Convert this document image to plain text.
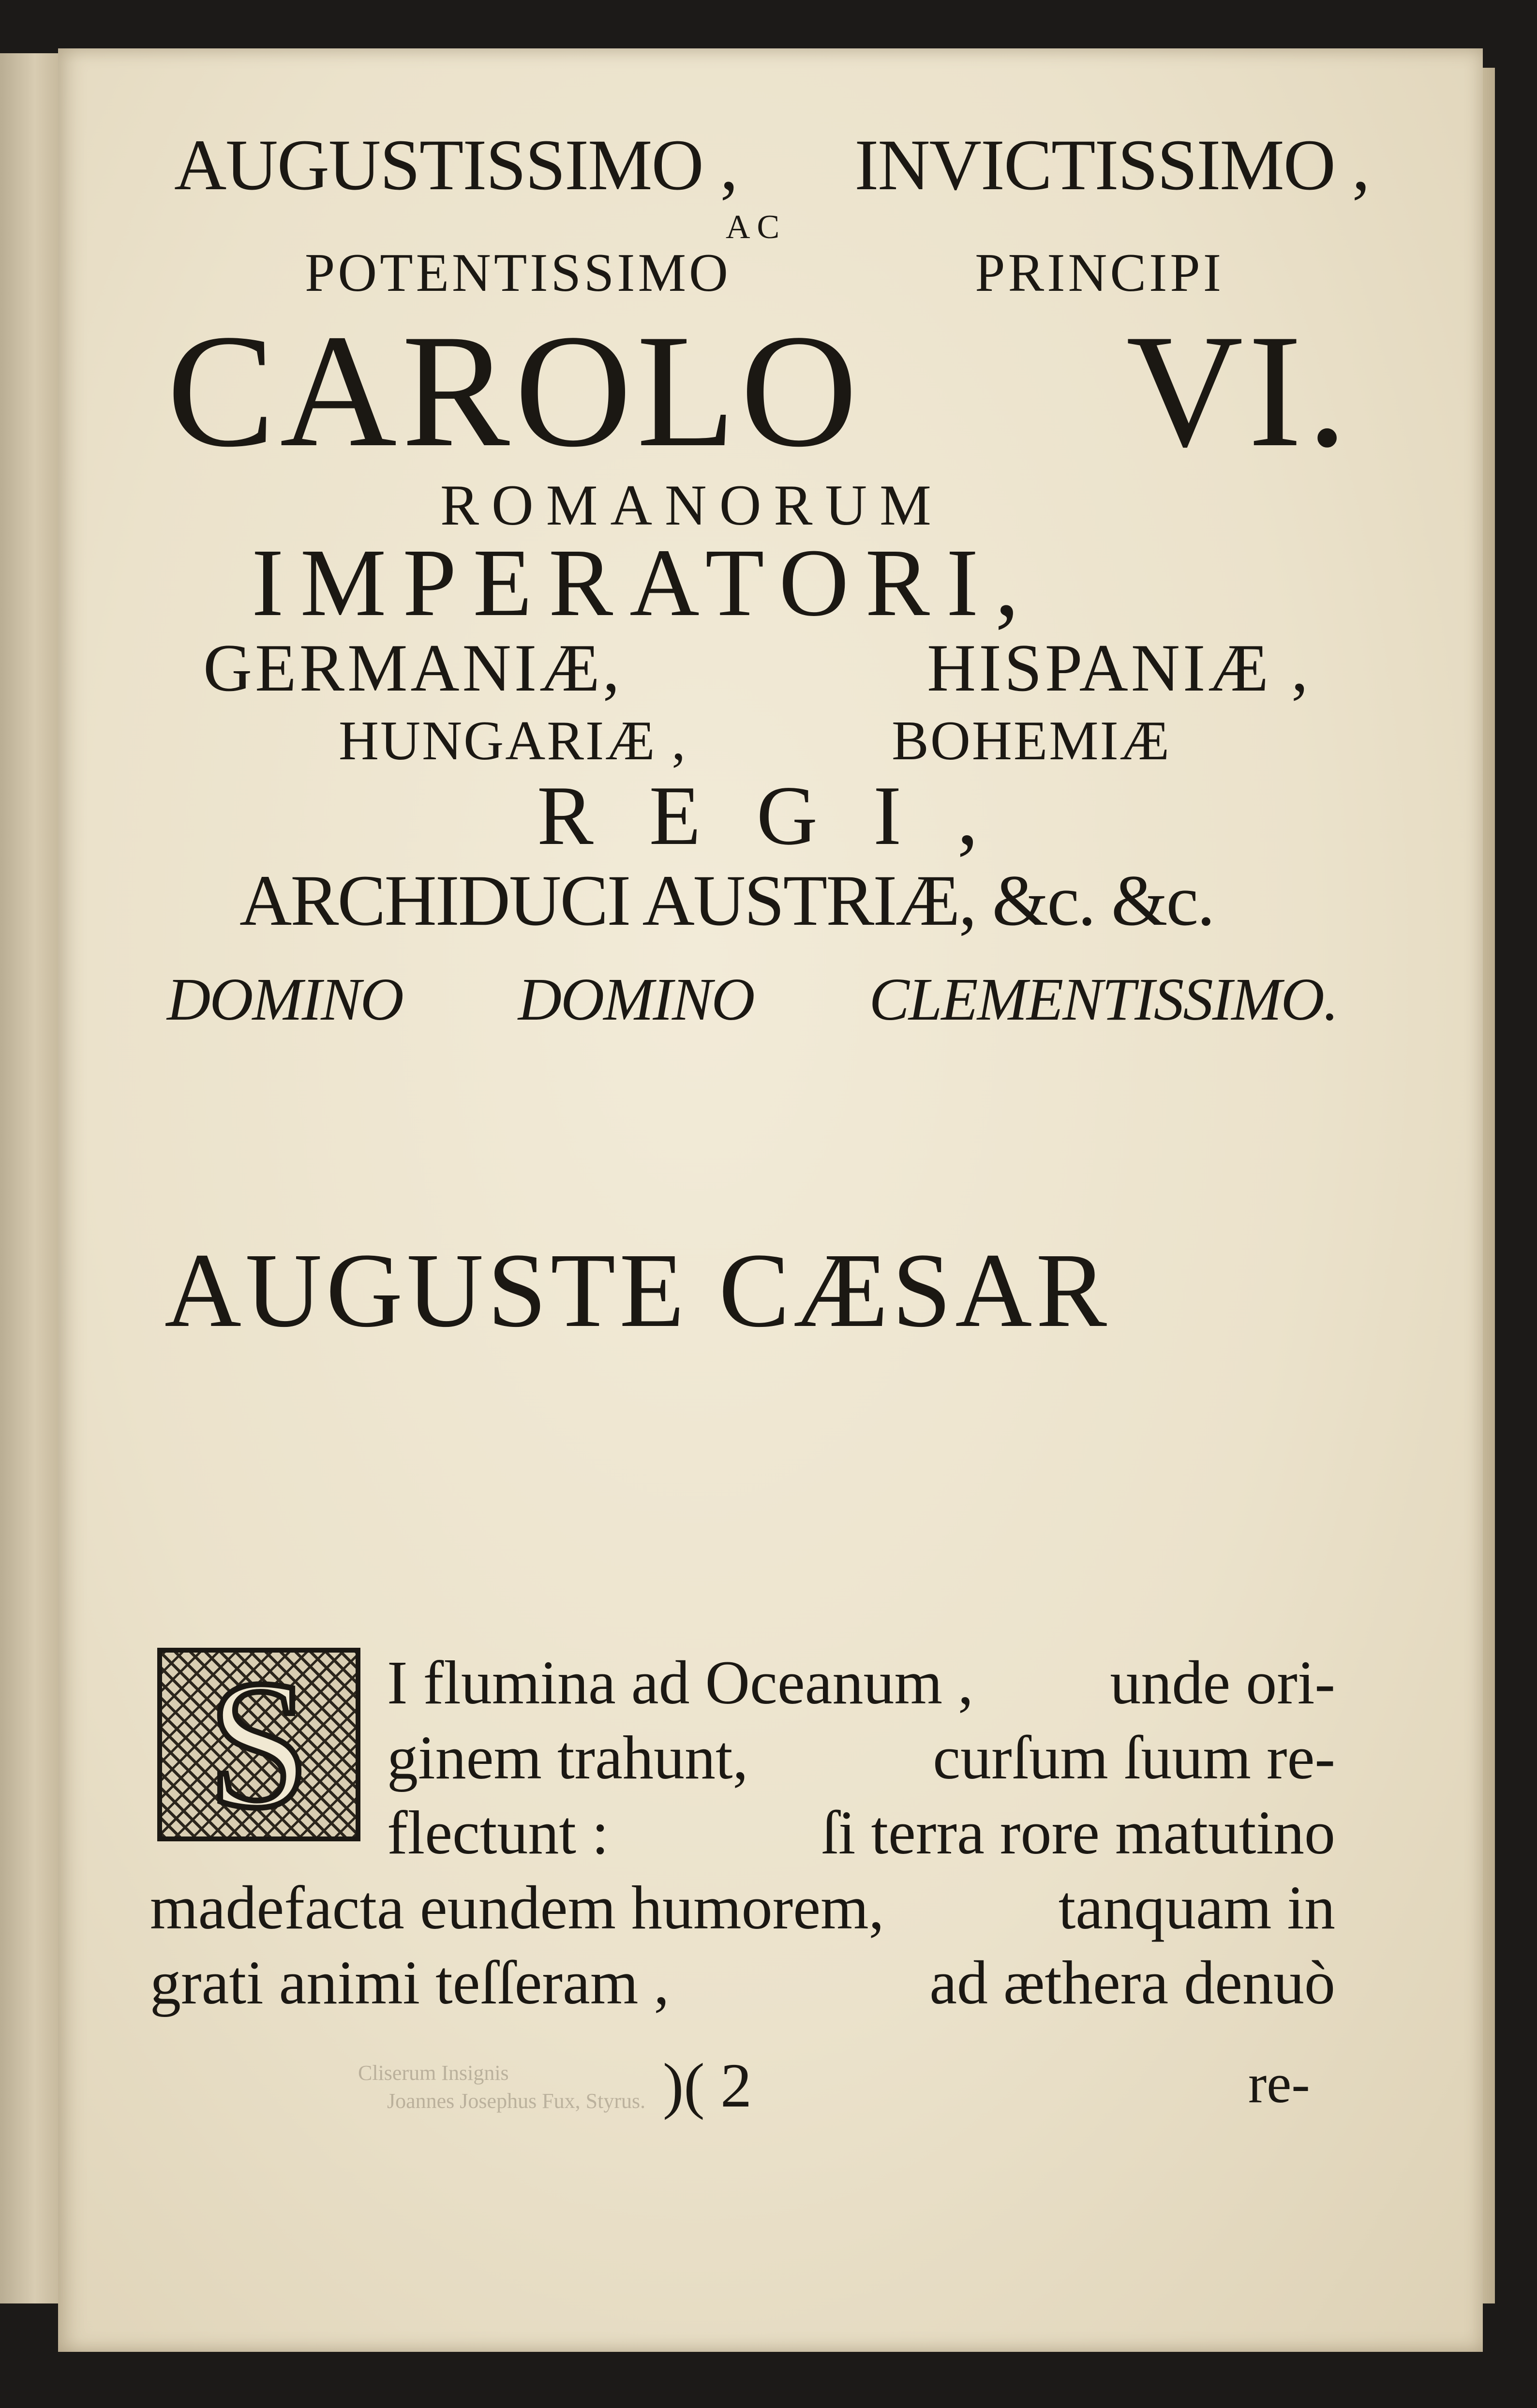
AUGUSTISSIMO , INVICTISSIMO ,
AC
POTENTISSIMO	PRINCIPI
CAROLO VI.
ROMANORUM
IMPERATORI,
GERMANIÆ,	HISPANIÆ ,
HUNGARIÆ ,	BOHEMIÆ
REGI,
ARCHIDUCI AUSTRIÆ, &c. &c.
DOMINO DOMINO CLEMENTISSIMO.
AUGUSTE CÆSAR
S	I flumina ad Oceanum , unde ori-
ginem trahunt,	curſum ſuum re-
flectunt :	ſi terra rore matutino
madefacta eundem humorem,	tanquam in
grati animi teſſeram ,	ad æthera denuò
Cliserum Insignis
Joannes Josephus Fux, Styrus. )( 2	re-
